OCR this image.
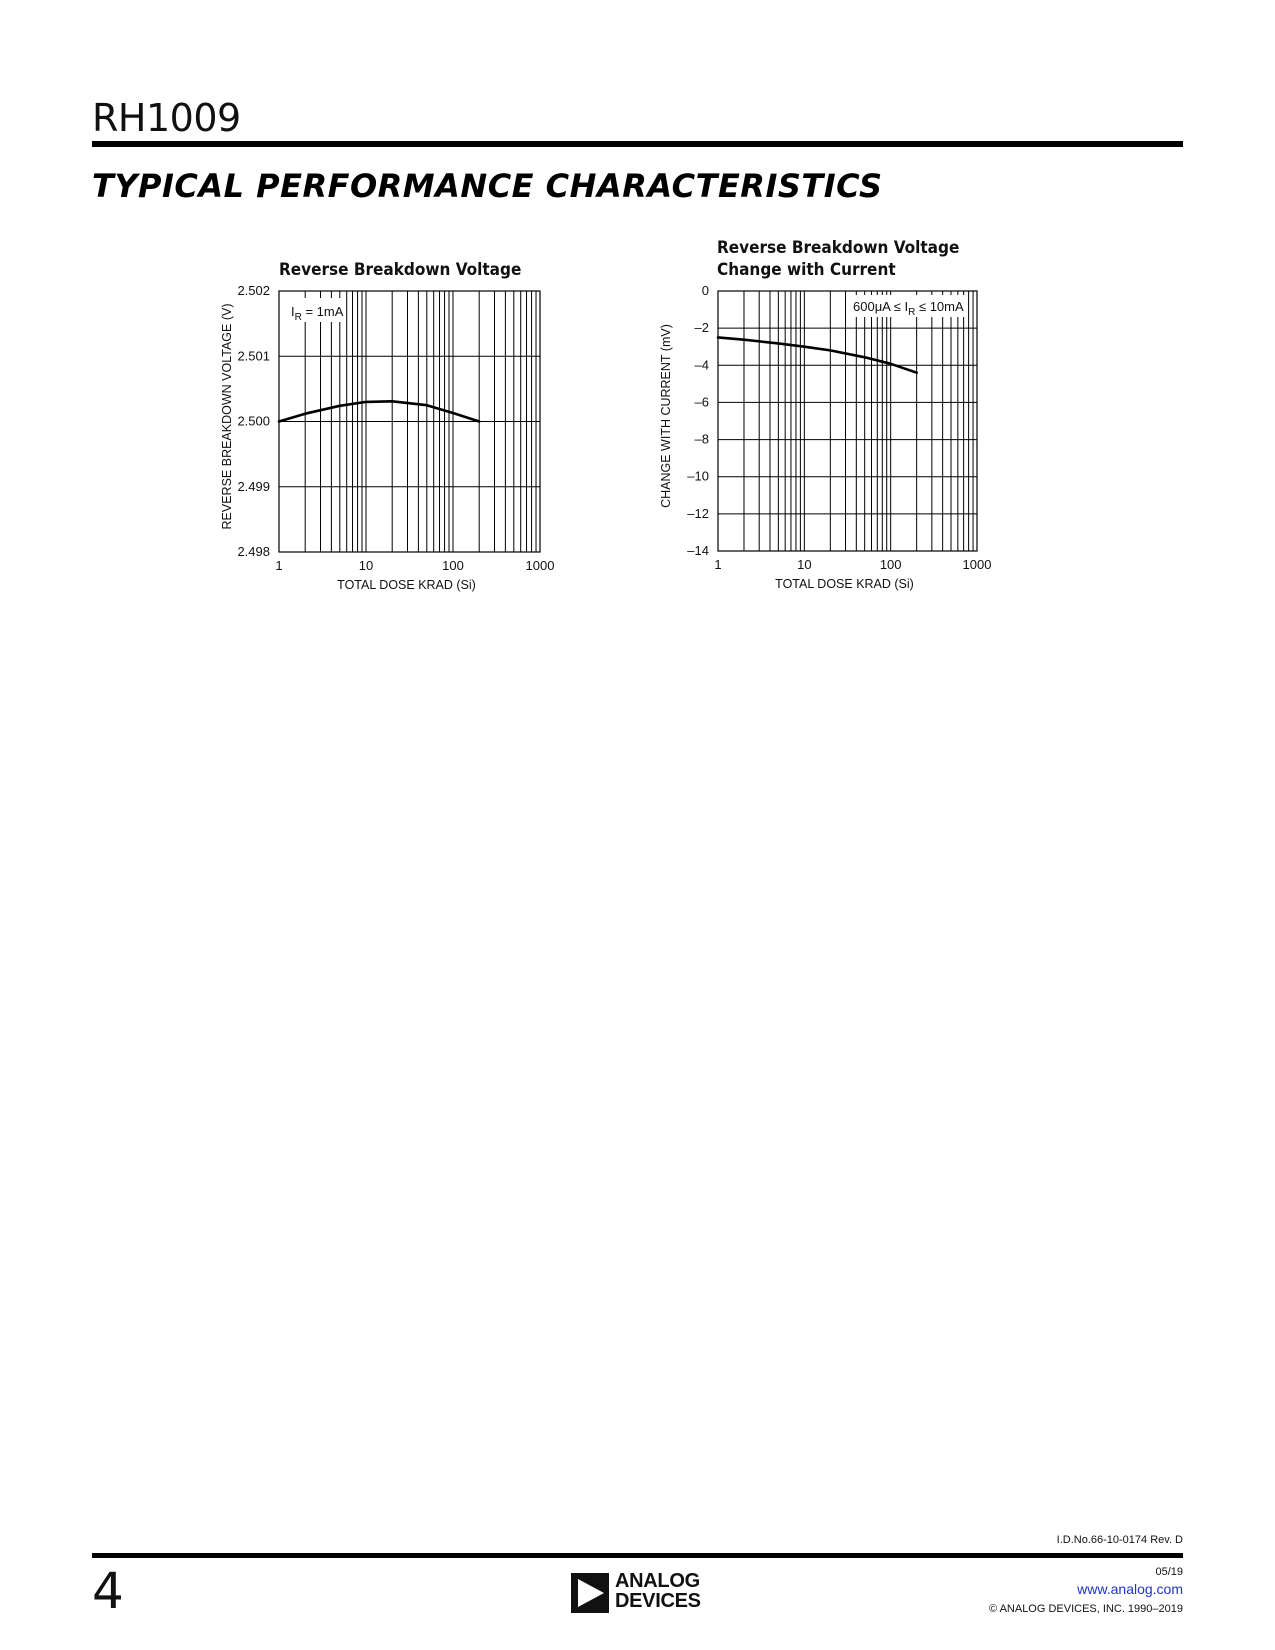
RH1009
TYPICAL PERFORMANCE CHARACTERISTICS
Reverse Breakdown Voltage
$I_R = 1mA$
2.502
2.501
2.500
2.499
2.498
1	10	100	1000
TOTAL DOSE KRAD (Si)
REVERSE BREAKDOWN VOLTAGE (V)
Reverse Breakdown Voltage
Change with Current
$600\mu A \le I_R \le 10mA$
0
–2
–4
–6
–8
–10
–12
–14
1	10	100	1000
TOTAL DOSE KRAD (Si)
CHANGE WITH CURRENT (mV)
I.D.No.66-10-0174 Rev. D
4	ANALOG
DEVICES
05/19
www.analog.com
© ANALOG DEVICES, INC. 1990–2019
